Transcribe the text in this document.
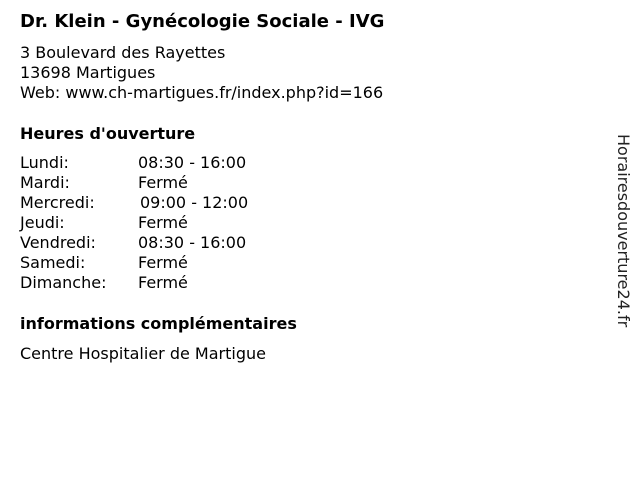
Dr. Klein - Gynécologie Sociale - IVG
3 Boulevard des Rayettes
13698 Martigues
Web: www.ch-martigues.fr/index.php?id=166
Heures d'ouverture
Lundi:	08:30 - 16:00
Mardi:	Fermé
Mercredi:	09:00 - 12:00
Jeudi:	Fermé
Vendredi:	08:30 - 16:00
Samedi:	Fermé
Dimanche: Fermé
informations complémentaires
Centre Hospitalier de Martigue
Horairesdouverture24.fr
